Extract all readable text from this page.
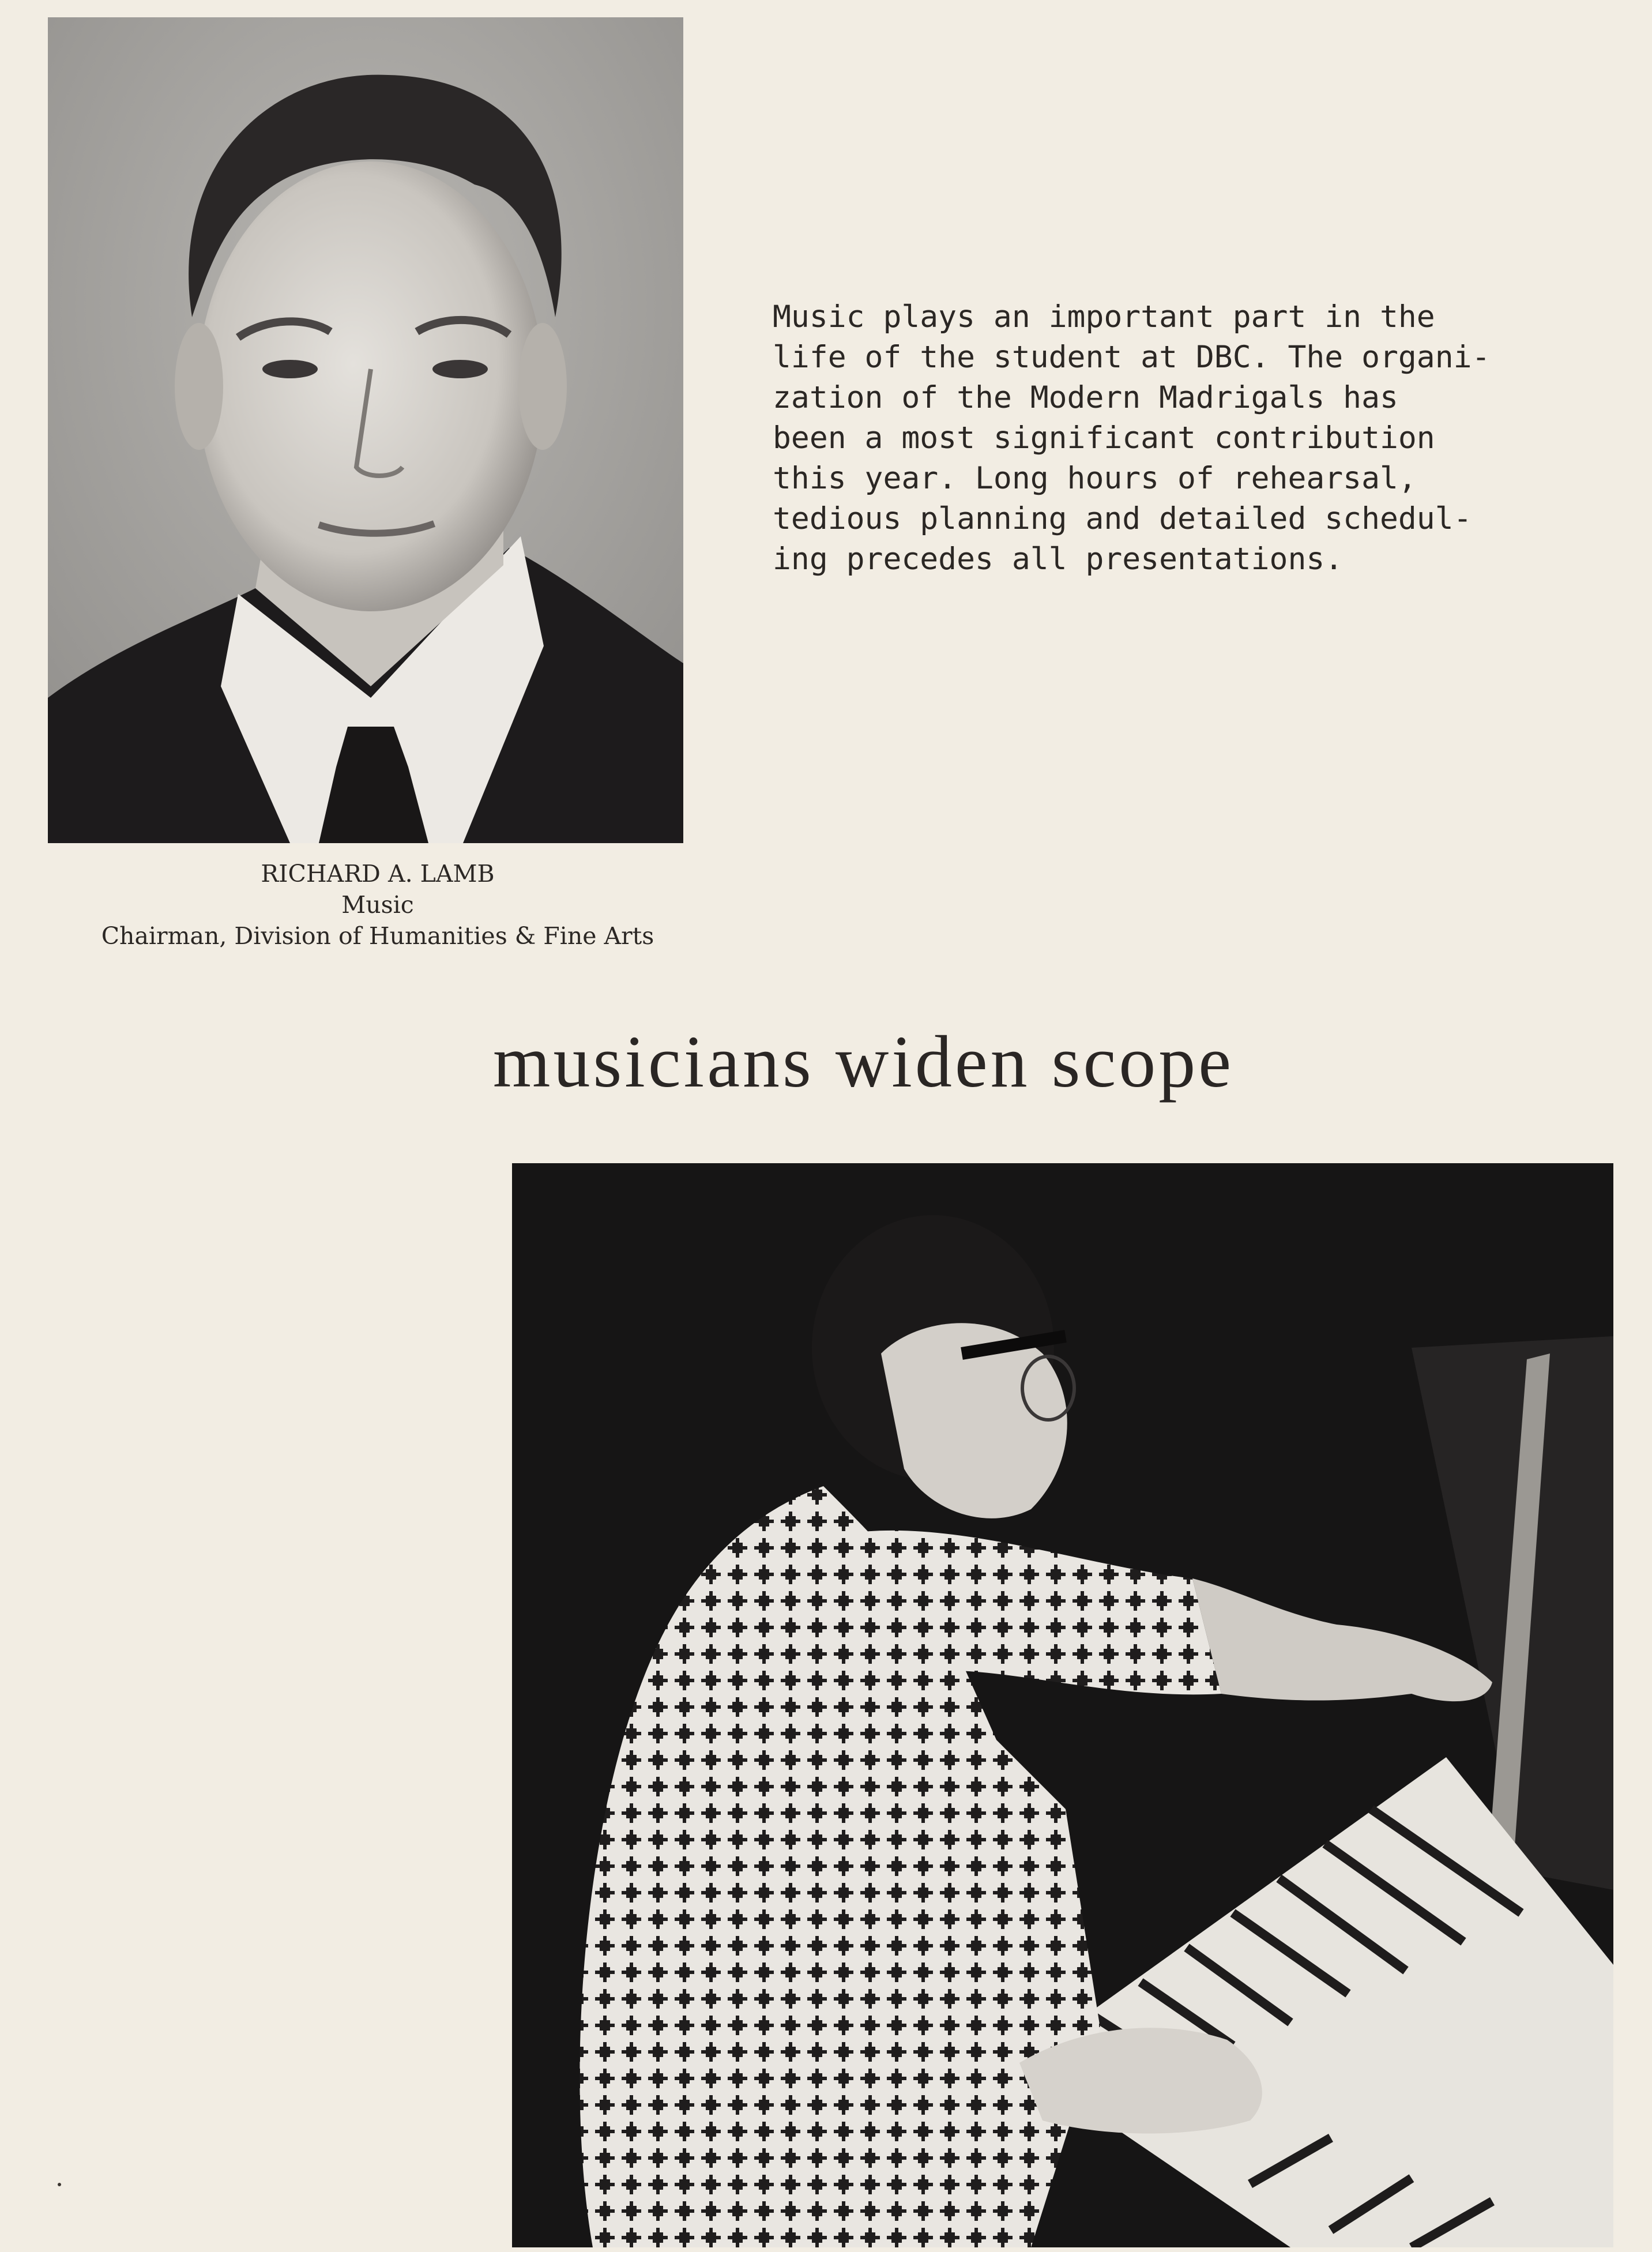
Music plays an important part in the

life of the student at DBC. The organi-

zation of the Modern Madrigals has

been a most significant contribution

this year. Long hours of rehearsal,

tedious planning and detailed schedul-

ing precedes all presentations.

RICHARD A. LAMB
Music
Chairman, Division of Humanities & Fine Arts
musicians widen scope
